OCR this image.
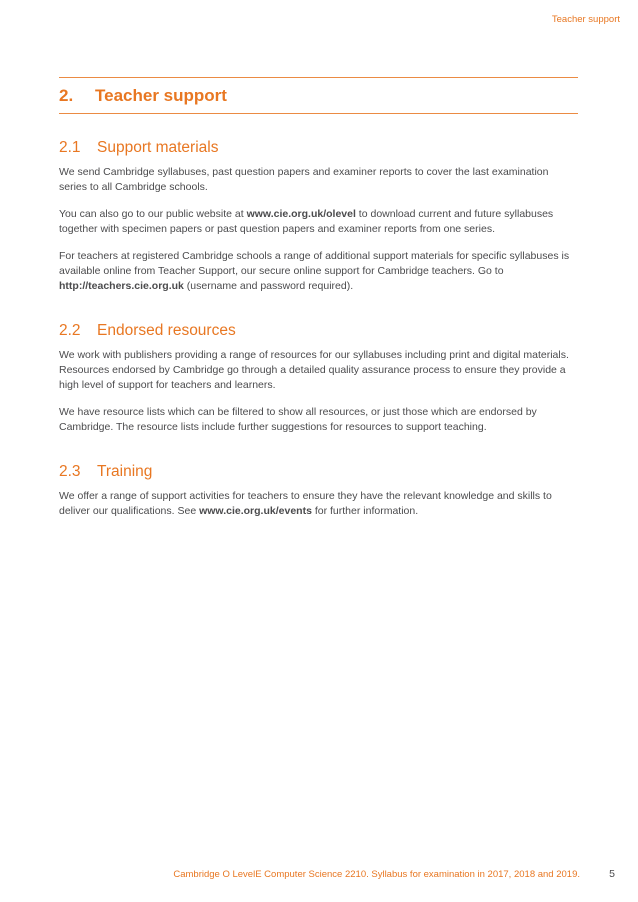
Teacher support
2. Teacher support
2.1 Support materials

We send Cambridge syllabuses, past question papers and examiner reports to cover the last examination series to all Cambridge schools.

You can also go to our public website at www.cie.org.uk/olevel to download current and future syllabuses together with specimen papers or past question papers and examiner reports from one series.

For teachers at registered Cambridge schools a range of additional support materials for specific syllabuses is available online from Teacher Support, our secure online support for Cambridge teachers. Go to http://teachers.cie.org.uk (username and password required).

2.2 Endorsed resources

We work with publishers providing a range of resources for our syllabuses including print and digital materials. Resources endorsed by Cambridge go through a detailed quality assurance process to ensure they provide a high level of support for teachers and learners.

We have resource lists which can be filtered to show all resources, or just those which are endorsed by Cambridge. The resource lists include further suggestions for resources to support teaching.

2.3 Training

We offer a range of support activities for teachers to ensure they have the relevant knowledge and skills to deliver our qualifications. See www.cie.org.uk/events for further information.

Cambridge O LevelE Computer Science 2210. Syllabus for examination in 2017, 2018 and 2019.	5
